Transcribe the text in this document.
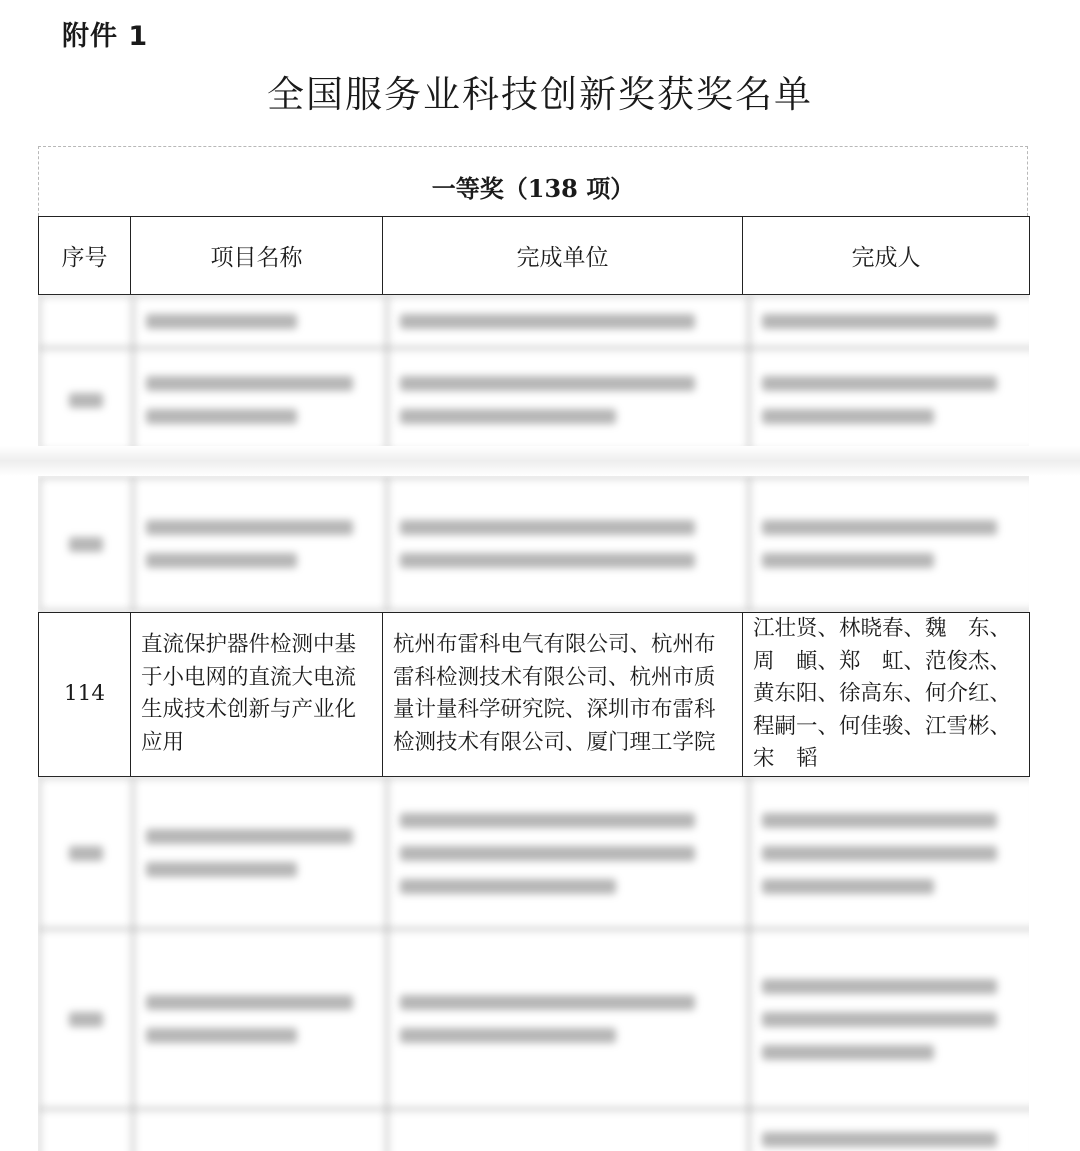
附件 1
全国服务业科技创新奖获奖名单
一等奖（138 项）
序号	项目名称	完成单位	完成人

114	直流保护器件检测中基于小电网的直流大电流生成技术创新与产业化应用	杭州布雷科电气有限公司、杭州布雷科检测技术有限公司、杭州市质量计量科学研究院、深圳市布雷科检测技术有限公司、厦门理工学院	江壮贤、林晓春、魏　东、周　頔、郑　虹、范俊杰、黄东阳、徐高东、何介红、程嗣一、何佳骏、江雪彬、宋　韬
